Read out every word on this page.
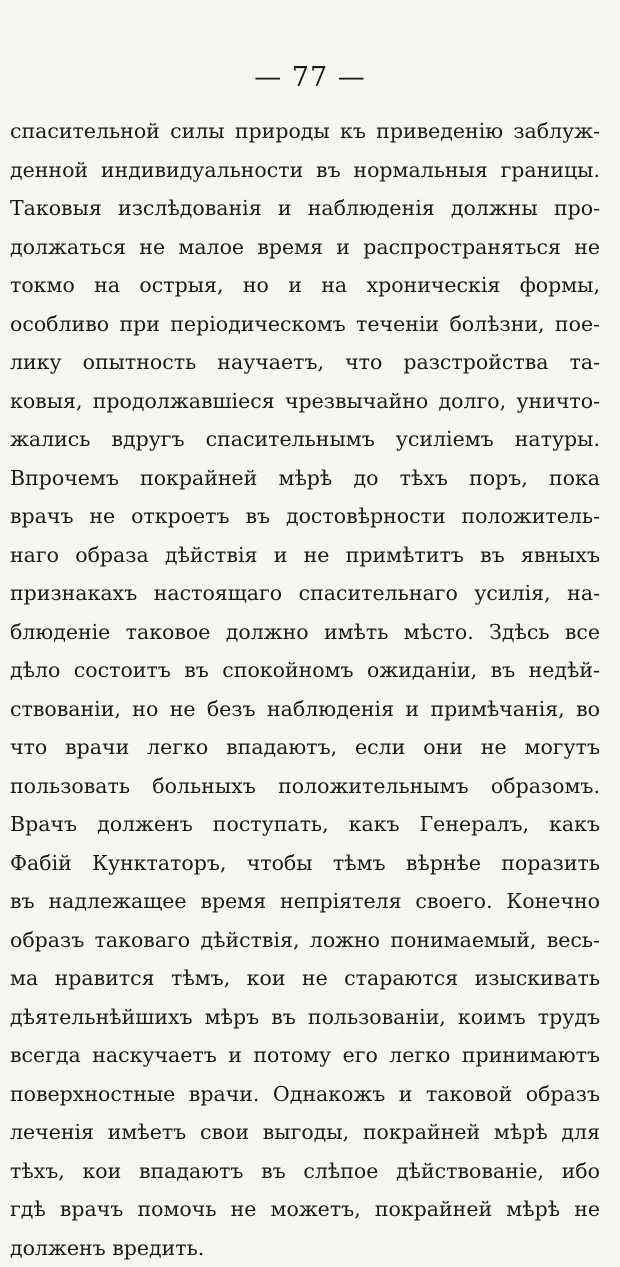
— 77 —
спасительной силы природы къ приведенію заблуж-
денной индивидуальности въ нормальныя границы.
Таковыя изслѣдованія и наблюденія должны про-
должаться не малое время и распространяться не
токмо на острыя, но и на хроническія формы,
особливо при періодическомъ теченіи болѣзни, пое-
лику опытность научаетъ, что разстройства та-
ковыя, продолжавшіеся чрезвычайно долго, уничто-
жались вдругъ спасительнымъ усиліемъ натуры.
Впрочемъ покрайней мѣрѣ до тѣхъ поръ, пока
врачъ не откроетъ въ достовѣрности положитель-
наго образа дѣйствія и не примѣтитъ въ явныхъ
признакахъ настоящаго спасительнаго усилія, на-
блюденіе таковое должно имѣть мѣсто. Здѣсь все
дѣло состоитъ въ спокойномъ ожиданіи, въ недѣй-
ствованіи, но не безъ наблюденія и примѣчанія, во
что врачи легко впадаютъ, если они не могутъ
пользовать больныхъ положительнымъ образомъ.
Врачъ долженъ поступать, какъ Генералъ, какъ
Фабій Кунктаторъ, чтобы тѣмъ вѣрнѣе поразить
въ надлежащее время непріятеля своего. Конечно
образъ таковаго дѣйствія, ложно понимаемый, весь-
ма нравится тѣмъ, кои не стараются изыскивать
дѣятельнѣйшихъ мѣръ въ пользованіи, коимъ трудъ
всегда наскучаетъ и потому его легко принимаютъ
поверхностные врачи. Однакожъ и таковой образъ
леченія имѣетъ свои выгоды, покрайней мѣрѣ для
тѣхъ, кои впадаютъ въ слѣпое дѣйствованіе, ибо
гдѣ врачъ помочь не можетъ, покрайней мѣрѣ не
долженъ вредить.
